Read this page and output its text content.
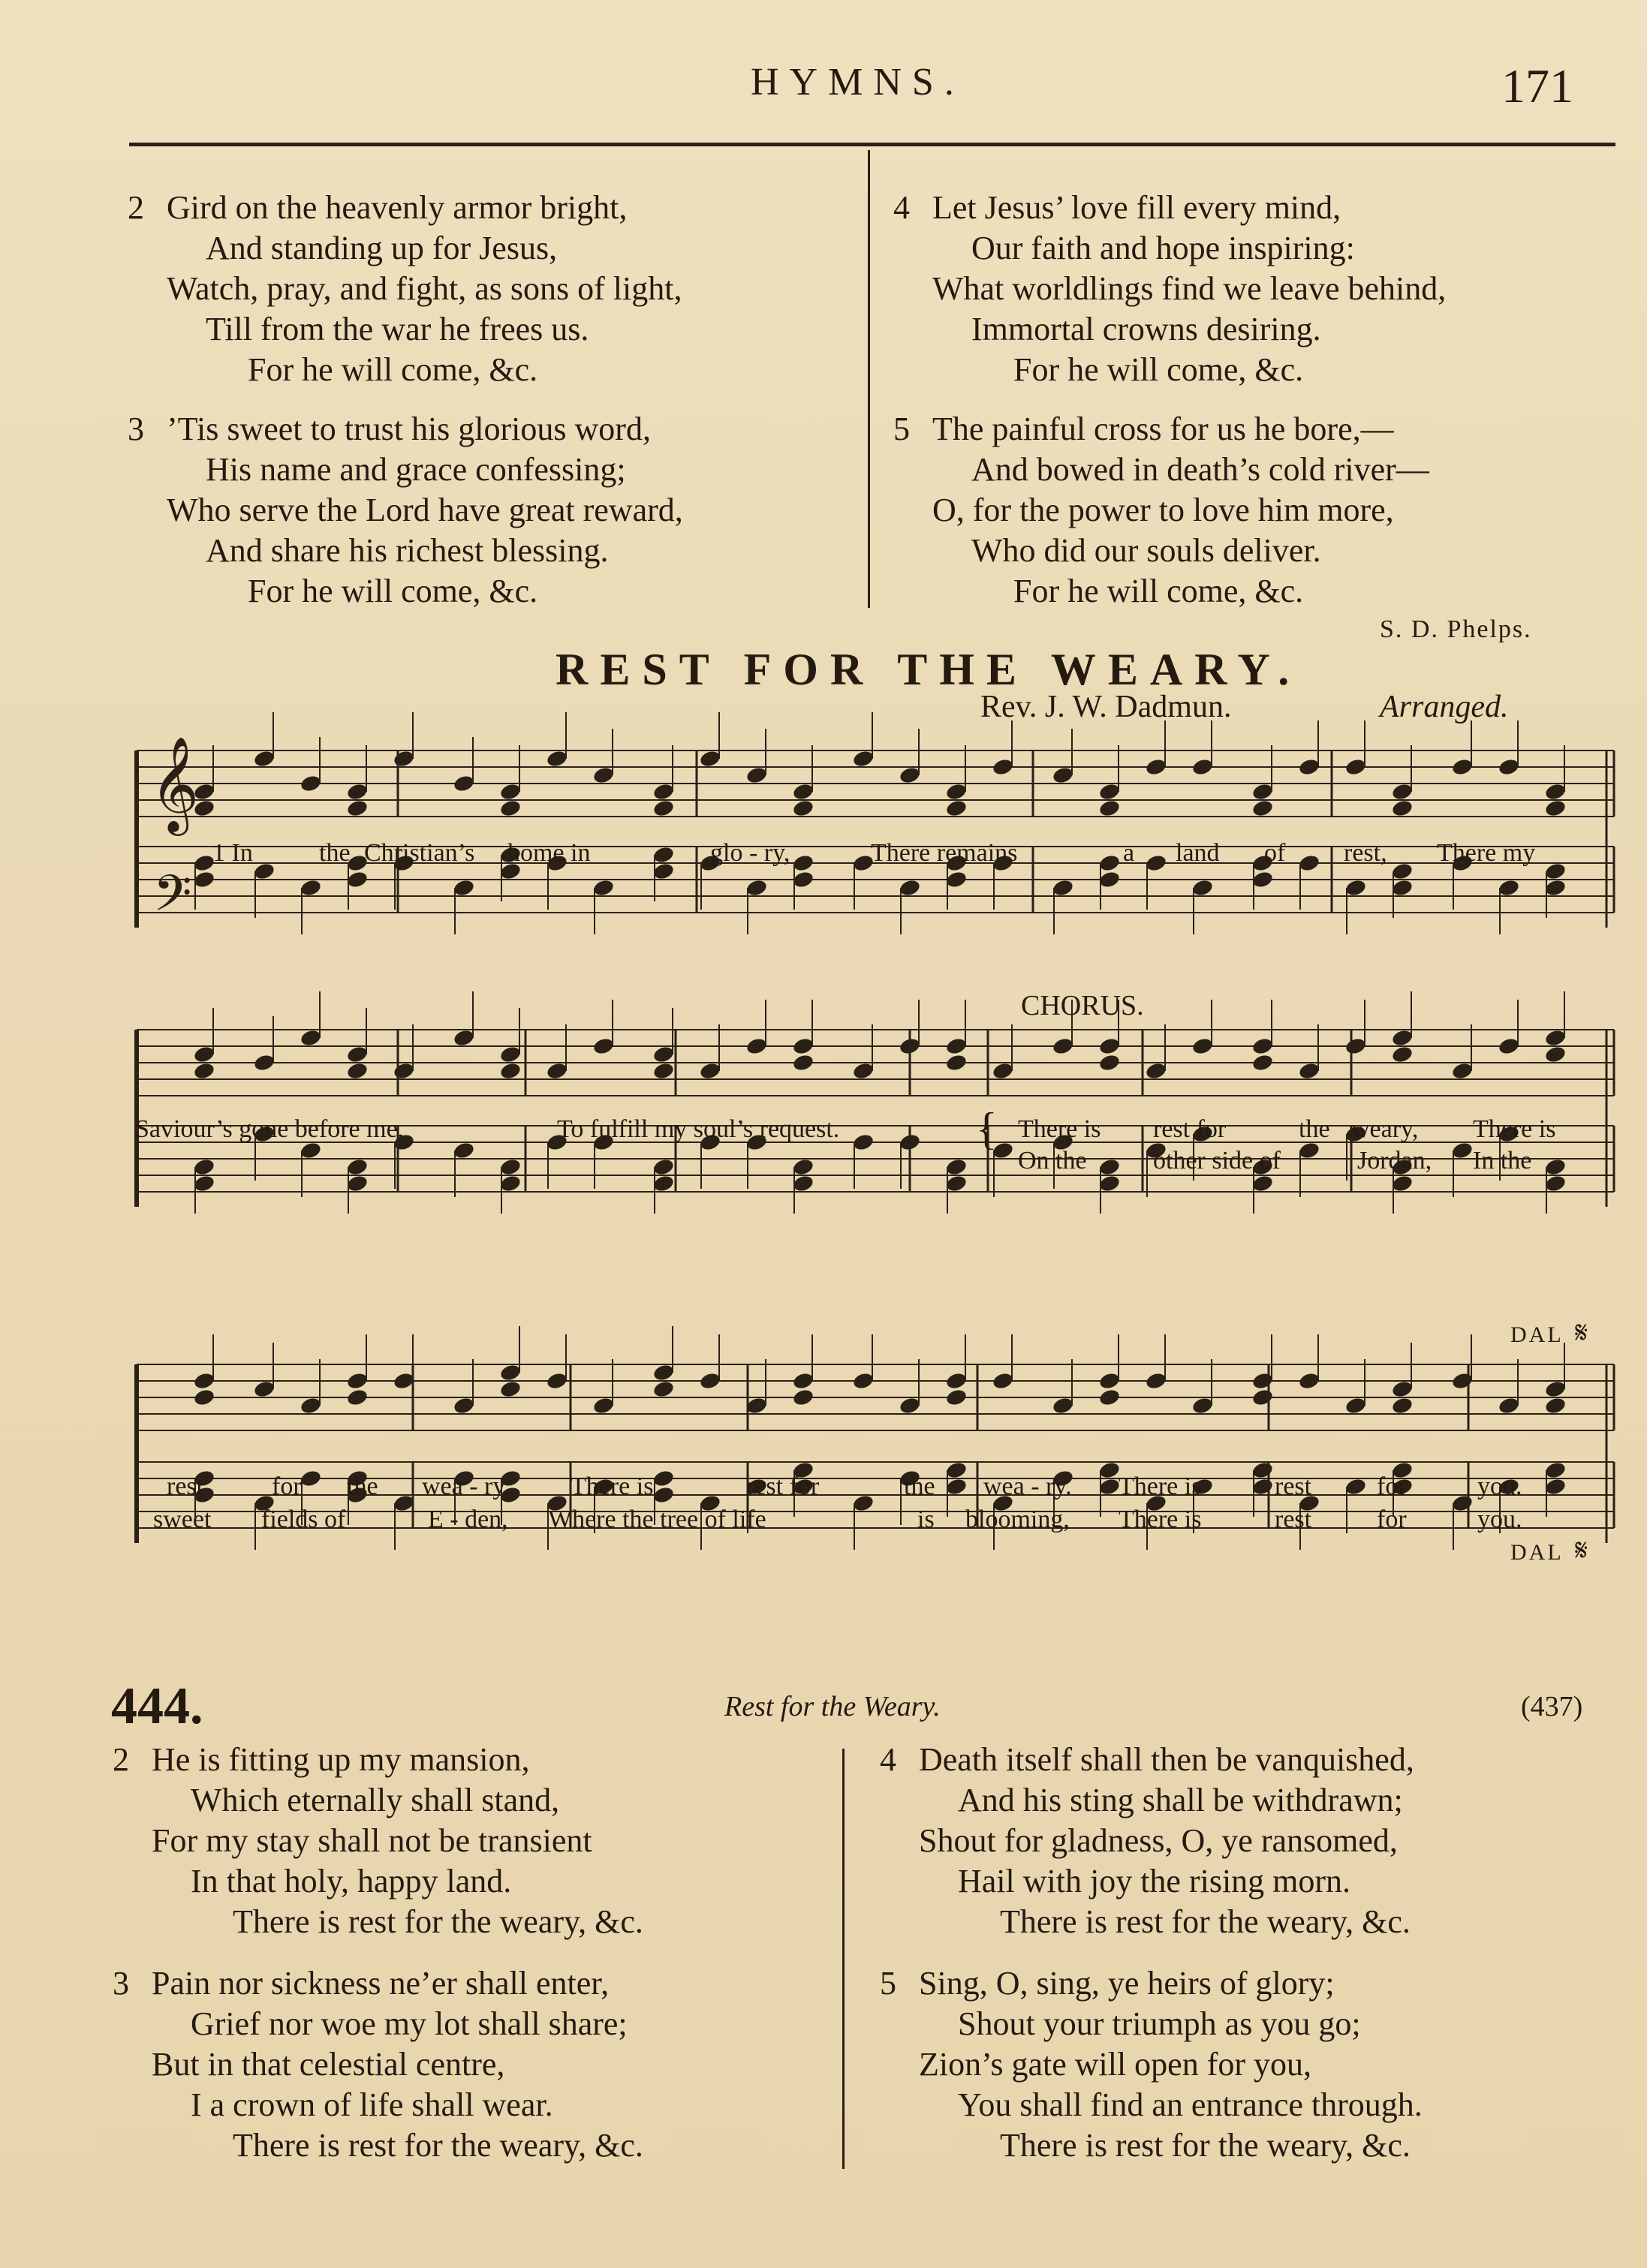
HYMNS.	171
2 Gird on the heavenly armor bright,
And standing up for Jesus,
Watch, pray, and fight, as sons of light,
Till from the war he frees us.
For he will come, &c.
3 ’Tis sweet to trust his glorious word,
His name and grace confessing;
Who serve the Lord have great reward,
And share his richest blessing.
For he will come, &c.
4 Let Jesus’ love fill every mind,
Our faith and hope inspiring:
What worldlings find we leave behind,
Immortal crowns desiring.
For he will come, &c.
5 The painful cross for us he bore,—
And bowed in death’s cold river—
O, for the power to love him more,
Who did our souls deliver.
For he will come, &c.
S. D. Phelps.
REST FOR THE WEARY.
Rev. J. W. Dadmun.	Arranged.
𝄞
𝄢
1 In	the Christian’s home in	glo - ry,	There remains	a land of rest, There my
Saviour’s gone before me,	To fulfill my soul’s request.
CHORUS.
{ There is rest for	the weary, There is
On the	other side of	Jordan, In the
DAL 𝄋
DAL 𝄋
rest	for the wea - ry, There is	rest for	the wea - ry. There is	rest	for	you.
sweet fields of	E - den, Where the tree of life	is blooming, There is	rest	for	you.
444.	Rest for the Weary.	(437)
2 He is fitting up my mansion,
Which eternally shall stand,
For my stay shall not be transient
In that holy, happy land.
There is rest for the weary, &c.
3 Pain nor sickness ne’er shall enter,
Grief nor woe my lot shall share;
But in that celestial centre,
I a crown of life shall wear.
There is rest for the weary, &c.
4 Death itself shall then be vanquished,
And his sting shall be withdrawn;
Shout for gladness, O, ye ransomed,
Hail with joy the rising morn.
There is rest for the weary, &c.
5 Sing, O, sing, ye heirs of glory;
Shout your triumph as you go;
Zion’s gate will open for you,
You shall find an entrance through.
There is rest for the weary, &c.
